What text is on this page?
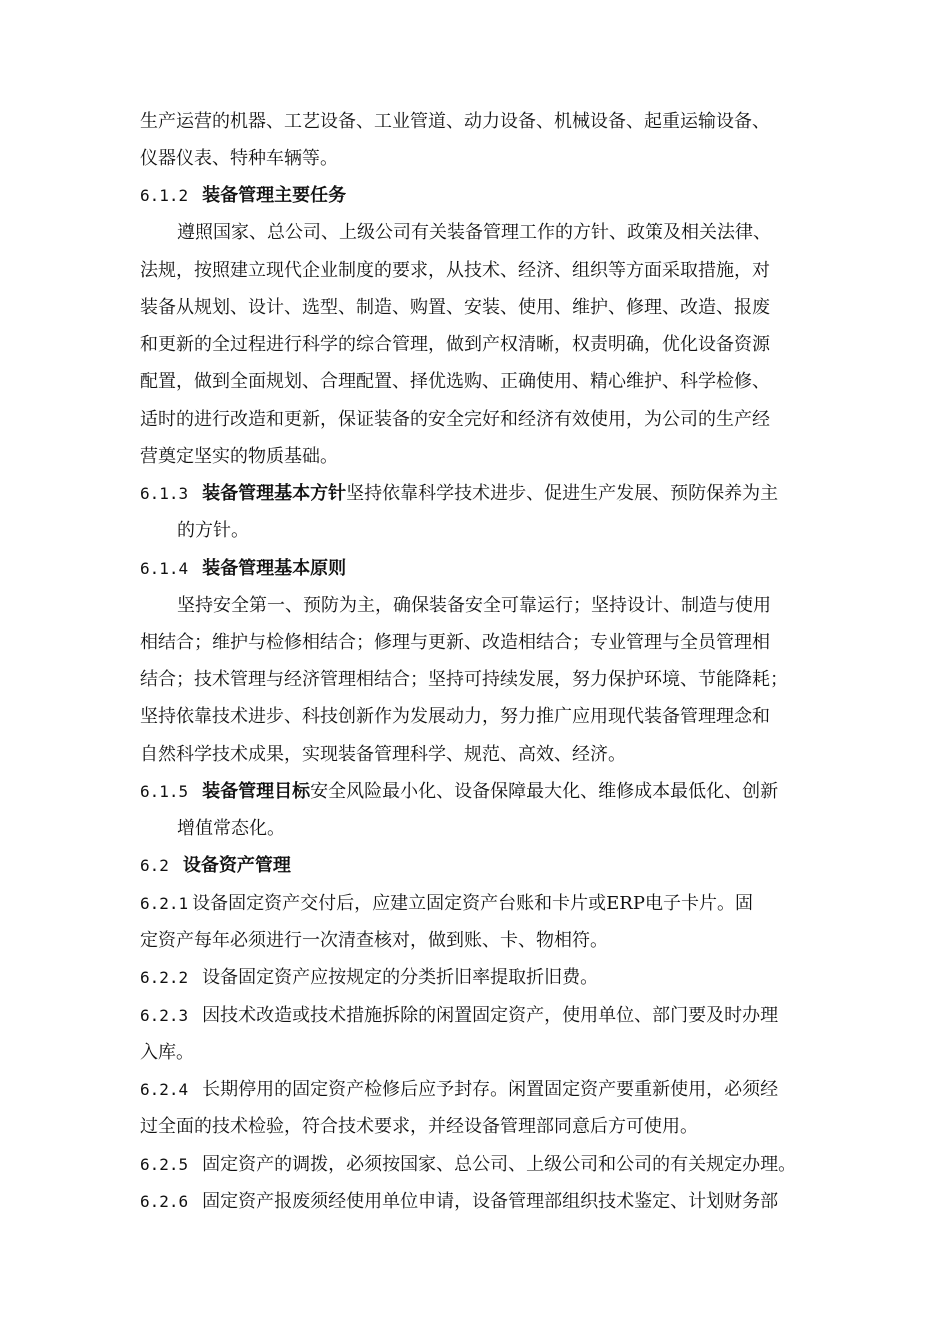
生产运营的机器、工艺设备、工业管道、动力设备、机械设备、起重运输设备、
仪器仪表、特种车辆等。
6.1.2 装备管理主要任务
遵照国家、总公司、上级公司有关装备管理工作的方针、政策及相关法律、
法规，按照建立现代企业制度的要求，从技术、经济、组织等方面采取措施，对
装备从规划、设计、选型、制造、购置、安装、使用、维护、修理、改造、报废
和更新的全过程进行科学的综合管理，做到产权清晰，权责明确，优化设备资源
配置，做到全面规划、合理配置、择优选购、正确使用、精心维护、科学检修、
适时的进行改造和更新，保证装备的安全完好和经济有效使用，为公司的生产经
营奠定坚实的物质基础。
6.1.3 装备管理基本方针坚持依靠科学技术进步、促进生产发展、预防保养为主
的方针。
6.1.4 装备管理基本原则
坚持安全第一、预防为主，确保装备安全可靠运行；坚持设计、制造与使用
相结合；维护与检修相结合；修理与更新、改造相结合；专业管理与全员管理相
结合；技术管理与经济管理相结合；坚持可持续发展，努力保护环境、节能降耗；
坚持依靠技术进步、科技创新作为发展动力，努力推广应用现代装备管理理念和
自然科学技术成果，实现装备管理科学、规范、高效、经济。
6.1.5 装备管理目标安全风险最小化、设备保障最大化、维修成本最低化、创新
增值常态化。
6.2 设备资产管理
6.2.1 设备固定资产交付后，应建立固定资产台账和卡片或ERP电子卡片。固
定资产每年必须进行一次清查核对，做到账、卡、物相符。
6.2.2 设备固定资产应按规定的分类折旧率提取折旧费。
6.2.3 因技术改造或技术措施拆除的闲置固定资产，使用单位、部门要及时办理
入库。
6.2.4 长期停用的固定资产检修后应予封存。闲置固定资产要重新使用，必须经
过全面的技术检验，符合技术要求，并经设备管理部同意后方可使用。
6.2.5 固定资产的调拨，必须按国家、总公司、上级公司和公司的有关规定办理。
6.2.6 固定资产报废须经使用单位申请，设备管理部组织技术鉴定、计划财务部
